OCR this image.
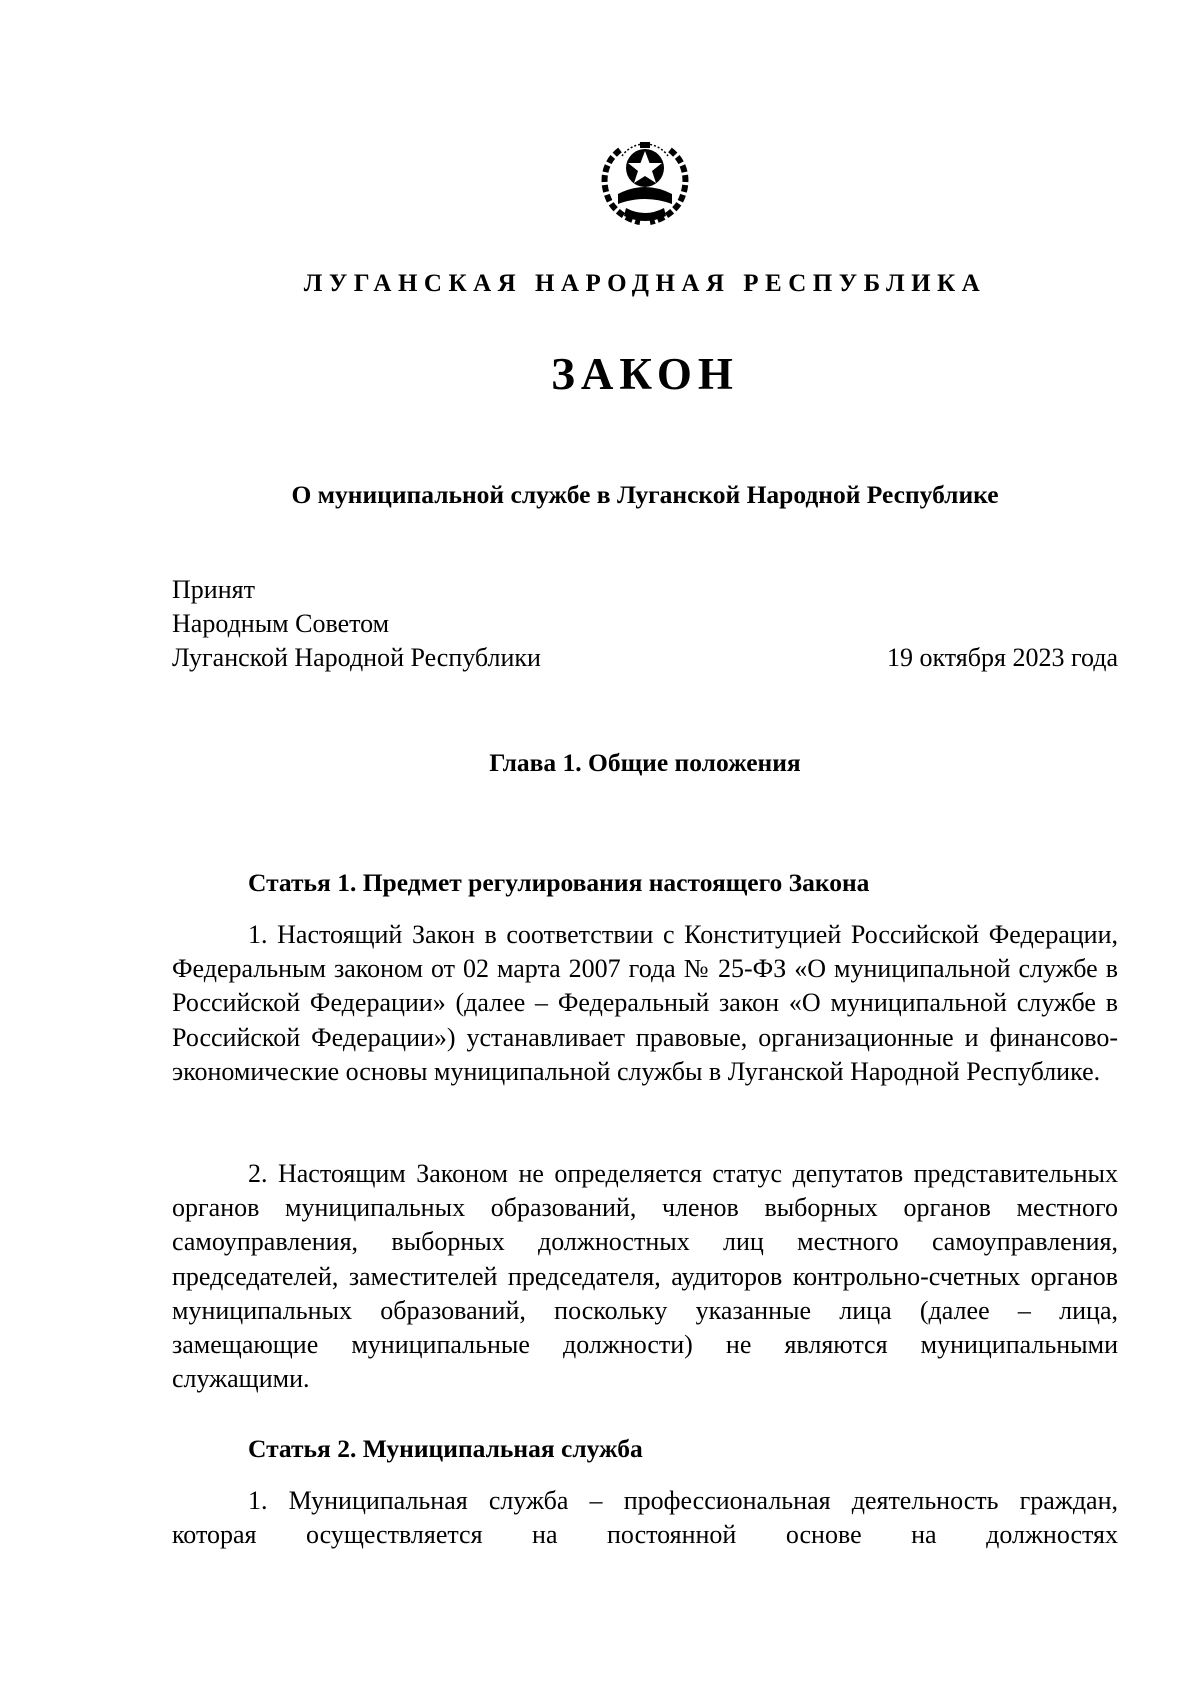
ЛУГАНСКАЯ НАРОДНАЯ РЕСПУБЛИКА
ЗАКОН
О муниципальной службе в Луганской Народной Республике
Принят
Народным Советом
Луганской Народной Республики	19 октября 2023 года
Глава 1. Общие положения
Статья 1. Предмет регулирования настоящего Закона

1. Настоящий Закон в соответствии с Конституцией Российской Федерации, Федеральным законом от 02 марта 2007 года № 25-ФЗ «О муниципальной службе в Российской Федерации» (далее – Федеральный закон «О муниципальной службе в Российской Федерации») устанавливает правовые, организационные и финансово-экономические основы муниципальной службы в Луганской Народной Республике.

2. Настоящим Законом не определяется статус депутатов представительных органов муниципальных образований, членов выборных органов местного самоуправления, выборных должностных лиц местного самоуправления, председателей, заместителей председателя, аудиторов контрольно-счетных органов муниципальных образований, поскольку указанные лица (далее – лица, замещающие муниципальные должности) не являются муниципальными служащими.

Статья 2. Муниципальная служба

1. Муниципальная служба – профессиональная деятельность граждан, которая осуществляется на постоянной основе на должностях
